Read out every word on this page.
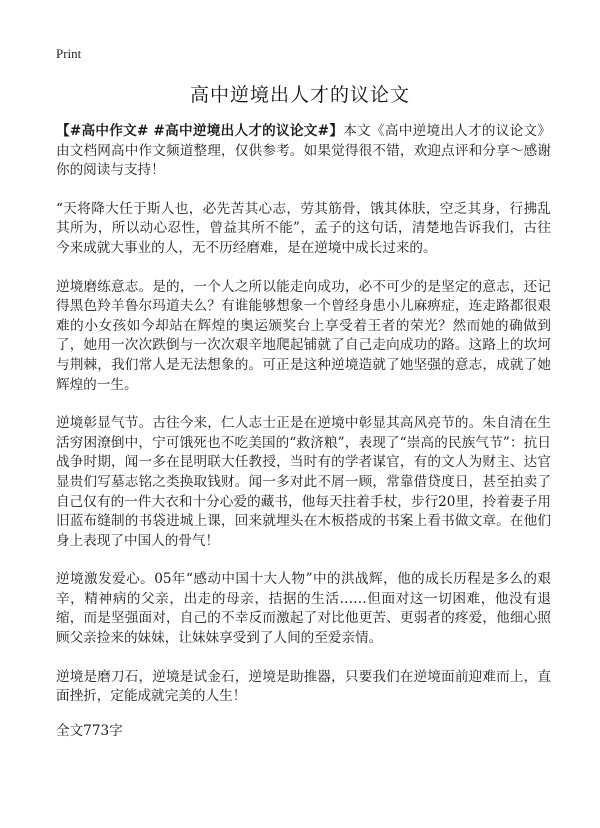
Print
高中逆境出人才的议论文

【#高中作文# #高中逆境出人才的议论文#】本文《高中逆境出人才的议论文》由文档网高中作文频道整理，仅供参考。如果觉得很不错，欢迎点评和分享～感谢你的阅读与支持！

“天将降大任于斯人也，必先苦其心志，劳其筋骨，饿其体肤，空乏其身，行拂乱其所为，所以动心忍性，曾益其所不能”，孟子的这句话，清楚地告诉我们，古往今来成就大事业的人，无不历经磨难，是在逆境中成长过来的。

逆境磨练意志。是的，一个人之所以能走向成功，必不可少的是坚定的意志，还记得黑色羚羊鲁尔玛道夫么？有谁能够想象一个曾经身患小儿麻痹症，连走路都很艰难的小女孩如今却站在辉煌的奥运颁奖台上享受着王者的荣光？然而她的确做到了，她用一次次跌倒与一次次艰辛地爬起铺就了自己走向成功的路。这路上的坎坷与荆棘，我们常人是无法想象的。可正是这种逆境造就了她坚强的意志，成就了她辉煌的一生。

逆境彰显气节。古往今来，仁人志士正是在逆境中彰显其高风亮节的。朱自清在生活穷困潦倒中，宁可饿死也不吃美国的“救济粮”，表现了“崇高的民族气节”：抗日战争时期，闻一多在昆明联大任教授，当时有的学者谋官，有的文人为财主、达官显贵们写墓志铭之类换取钱财。闻一多对此不屑一顾，常靠借贷度日，甚至拍卖了自己仅有的一件大衣和十分心爱的藏书，他每天拄着手杖，步行20里，拎着妻子用旧蓝布缝制的书袋进城上课，回来就埋头在木板搭成的书案上看书做文章。在他们身上表现了中国人的骨气！

逆境激发爱心。05年“感动中国十大人物”中的洪战辉，他的成长历程是多么的艰辛，精神病的父亲，出走的母亲，拮据的生活……但面对这一切困难，他没有退缩，而是坚强面对，自己的不幸反而激起了对比他更苦、更弱者的疼爱，他细心照顾父亲捡来的妹妹，让妹妹享受到了人间的至爱亲情。

逆境是磨刀石，逆境是试金石，逆境是助推器，只要我们在逆境面前迎难而上，直面挫折，定能成就完美的人生！

全文773字
